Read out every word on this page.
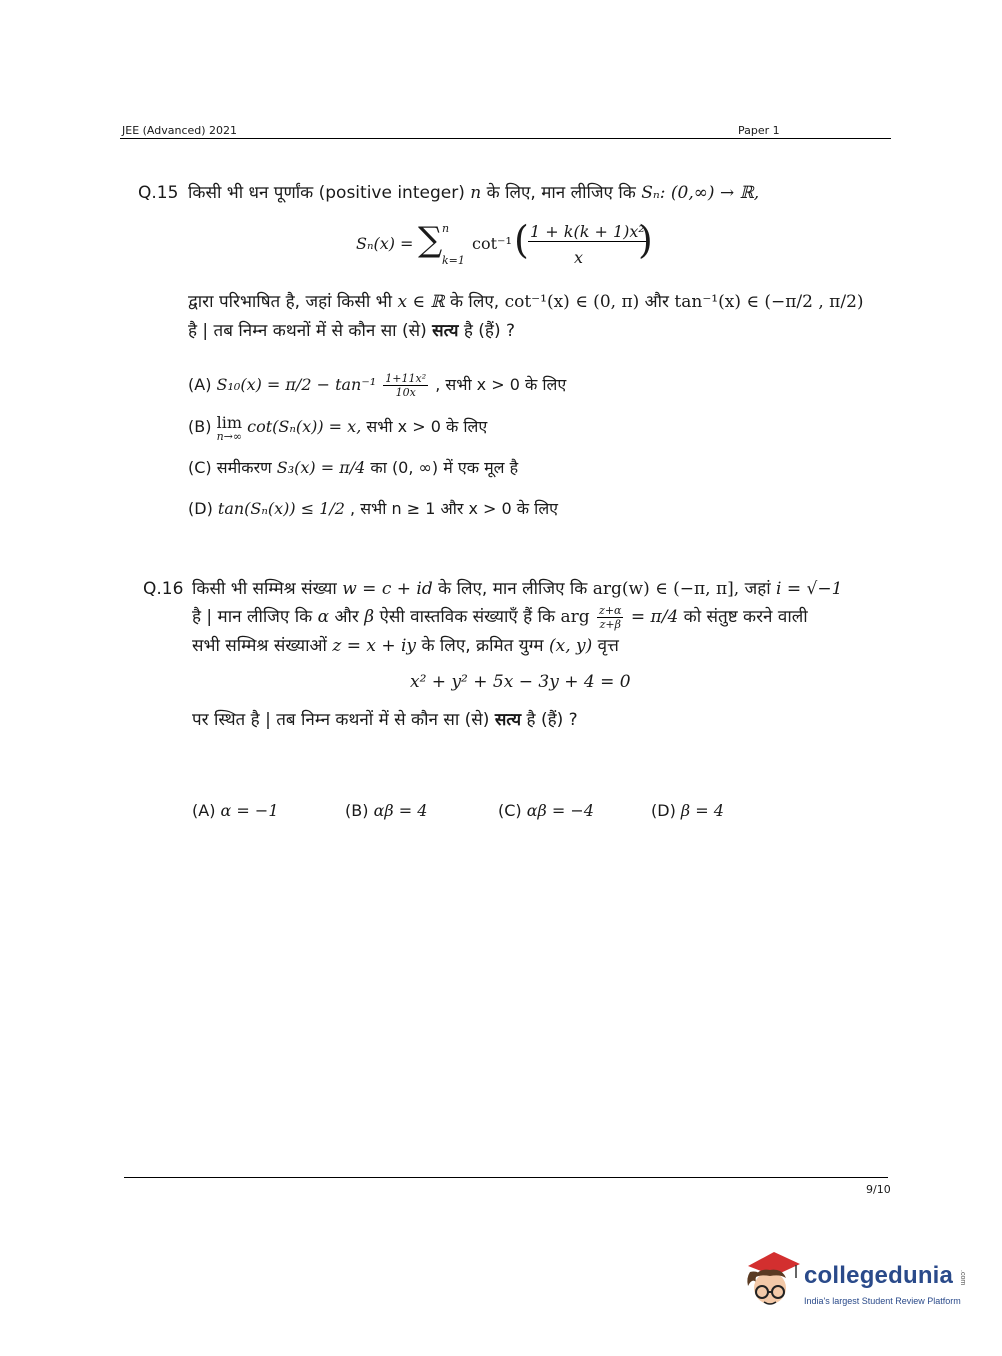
JEE (Advanced) 2021	Paper 1
Q.15 किसी भी धन पूर्णांक (positive integer) n के लिए, मान लीजिए कि Sₙ: (0,∞) → ℝ,
Sₙ(x) = ∑ n
k=1
cot⁻¹ ( 1 + k(k + 1)x²
x )
द्वारा परिभाषित है, जहां किसी भी x ∈ ℝ के लिए, cot⁻¹(x) ∈ (0, π) और tan⁻¹(x) ∈ (−π/2 , π/2)
है | तब निम्न कथनों में से कौन सा (से) सत्य है (हैं) ?
(A) $S_{10}(x) = \pi/2 - \tan^{-1} \frac{\text{1+11x²}}{10x}$ , सभी x > 0 के लिए
(B) lim
n→∞
cot(Sₙ(x)) = x, सभी x > 0 के लिए
(C) समीकरण S₃(x) = π/4 का (0, ∞) में एक मूल है
(D) tan(Sₙ(x)) ≤ 1/2 , सभी n ≥ 1 और x > 0 के लिए
Q.16 किसी भी सम्मिश्र संख्या w = c + id के लिए, मान लीजिए कि arg(w) ∈ (−π, π], जहां i = √−1
है | मान लीजिए कि α और β ऐसी वास्तविक संख्याएँ हैं कि arg $\frac{z+\alpha}{z+\beta} = \pi/4$ को संतुष्ट करने वाली
सभी सम्मिश्र संख्याओं z = x + iy के लिए, क्रमित युग्म (x, y) वृत्त
x² + y² + 5x − 3y + 4 = 0
पर स्थित है | तब निम्न कथनों में से कौन सा (से) सत्य है (हैं) ?
(A) α = −1	(B) αβ = 4	(C) αβ = −4	(D) β = 4
9/10
collegedunia .com
India's largest Student Review Platform
